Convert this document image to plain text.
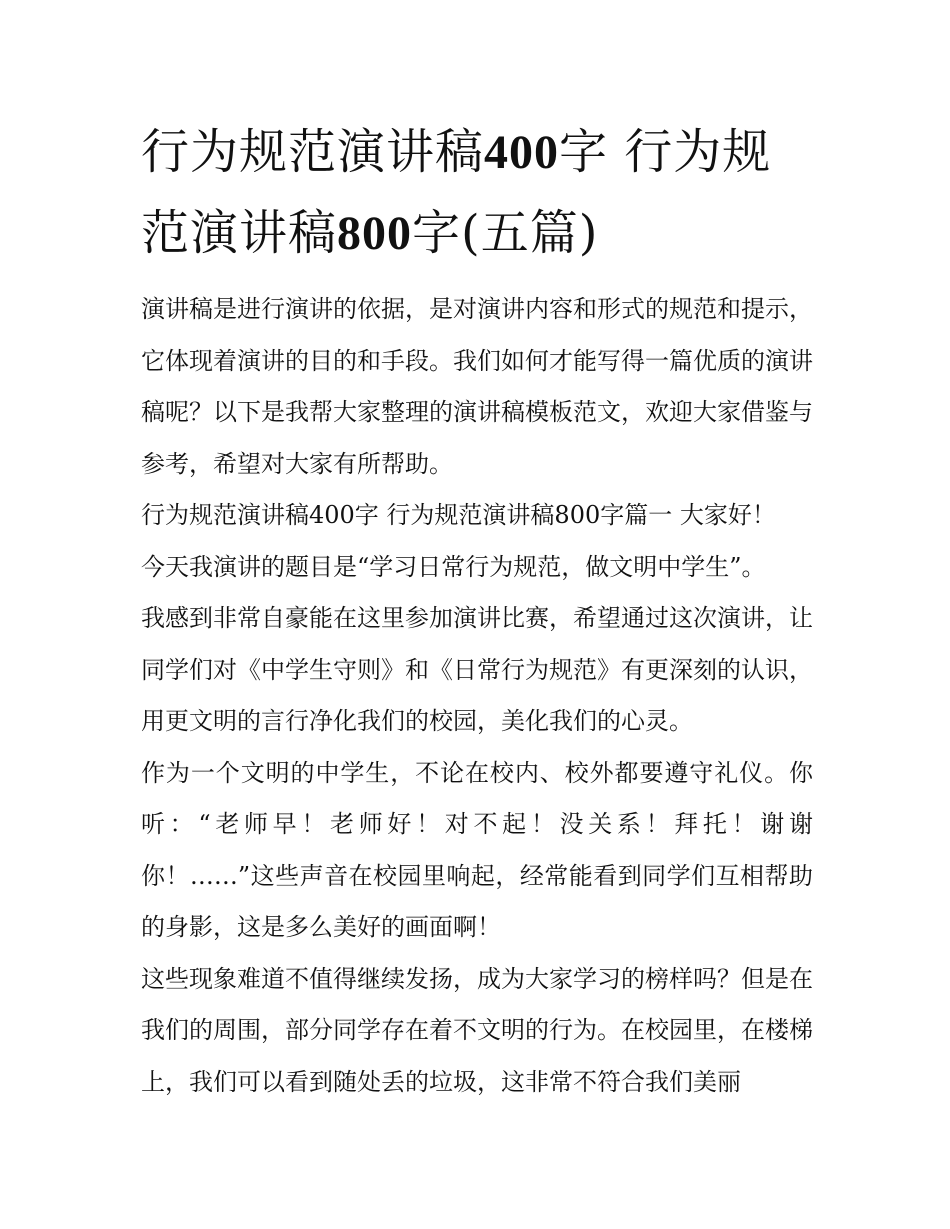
行为规范演讲稿400字 行为规范演讲稿800字(五篇)

演讲稿是进行演讲的依据，是对演讲内容和形式的规范和提示，它体现着演讲的目的和手段。我们如何才能写得一篇优质的演讲稿呢？以下是我帮大家整理的演讲稿模板范文，欢迎大家借鉴与参考，希望对大家有所帮助。

行为规范演讲稿400字 行为规范演讲稿800字篇一 大家好！

今天我演讲的题目是“学习日常行为规范，做文明中学生”。

我感到非常自豪能在这里参加演讲比赛，希望通过这次演讲，让同学们对《中学生守则》和《日常行为规范》有更深刻的认识，用更文明的言行净化我们的校园，美化我们的心灵。

作为一个文明的中学生，不论在校内、校外都要遵守礼仪。你听：“老师早！老师好！对不起！没关系！拜托！谢谢你！……”这些声音在校园里响起，经常能看到同学们互相帮助的身影，这是多么美好的画面啊！

这些现象难道不值得继续发扬，成为大家学习的榜样吗？但是在我们的周围，部分同学存在着不文明的行为。在校园里，在楼梯上，我们可以看到随处丢的垃圾，这非常不符合我们美丽
